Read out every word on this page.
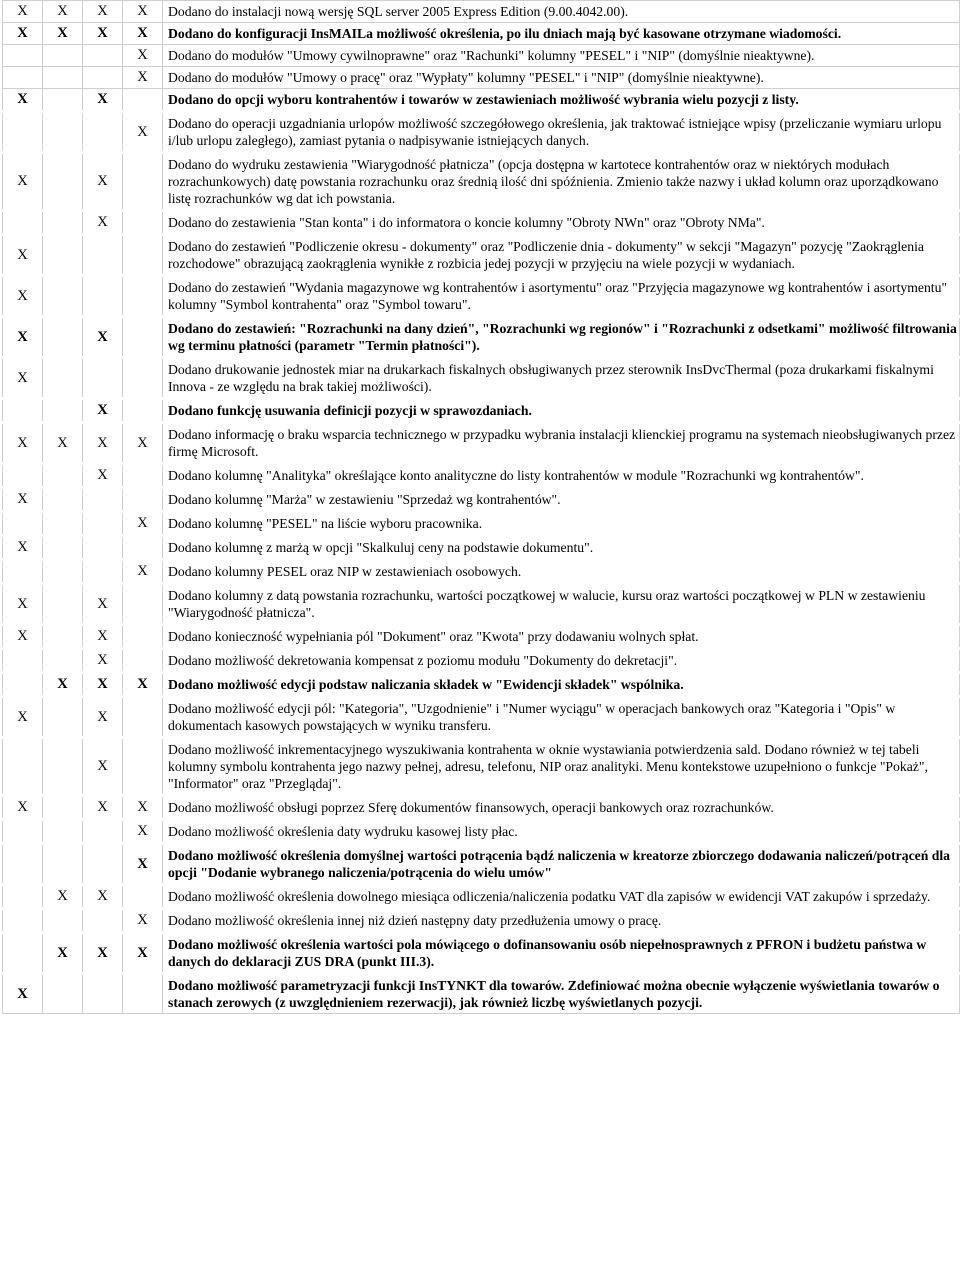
X	X	X	X	Dodano do instalacji nową wersję SQL server 2005 Express Edition (9.00.4042.00).
X	X	X	X	Dodano do konfiguracji InsMAILa możliwość określenia, po ilu dniach mają być kasowane otrzymane wiadomości.
			X	Dodano do modułów "Umowy cywilnoprawne" oraz "Rachunki" kolumny "PESEL" i "NIP" (domyślnie nieaktywne).
			X	Dodano do modułów "Umowy o pracę" oraz "Wypłaty" kolumny "PESEL" i "NIP" (domyślnie nieaktywne).
X		X		Dodano do opcji wyboru kontrahentów i towarów w zestawieniach możliwość wybrania wielu pozycji z listy.
			X	Dodano do operacji uzgadniania urlopów możliwość szczegółowego określenia, jak traktować istniejące wpisy (przeliczanie wymiaru urlopu i/lub urlopu zaległego), zamiast pytania o nadpisywanie istniejących danych.
X		X		Dodano do wydruku zestawienia "Wiarygodność płatnicza" (opcja dostępna w kartotece kontrahentów oraz w niektórych modułach rozrachunkowych) datę powstania rozrachunku oraz średnią ilość dni spóźnienia. Zmienio także nazwy i układ kolumn oraz uporządkowano listę rozrachunków wg dat ich powstania.
		X		Dodano do zestawienia "Stan konta" i do informatora o koncie kolumny "Obroty NWn" oraz "Obroty NMa".
X				Dodano do zestawień "Podliczenie okresu - dokumenty" oraz "Podliczenie dnia - dokumenty" w sekcji "Magazyn" pozycję "Zaokrąglenia rozchodowe" obrazującą zaokrąglenia wynikłe z rozbicia jedej pozycji w przyjęciu na wiele pozycji w wydaniach.
X				Dodano do zestawień "Wydania magazynowe wg kontrahentów i asortymentu" oraz "Przyjęcia magazynowe wg kontrahentów i asortymentu" kolumny "Symbol kontrahenta" oraz "Symbol towaru".
X		X		Dodano do zestawień: "Rozrachunki na dany dzień", "Rozrachunki wg regionów" i "Rozrachunki z odsetkami" możliwość filtrowania wg terminu płatności (parametr "Termin płatności").
X				Dodano drukowanie jednostek miar na drukarkach fiskalnych obsługiwanych przez sterownik InsDvcThermal (poza drukarkami fiskalnymi Innova - ze względu na brak takiej możliwości).
		X		Dodano funkcję usuwania definicji pozycji w sprawozdaniach.
X	X	X	X	Dodano informację o braku wsparcia technicznego w przypadku wybrania instalacji klienckiej programu na systemach nieobsługiwanych przez firmę Microsoft.
		X		Dodano kolumnę "Analityka" określające konto analityczne do listy kontrahentów w module "Rozrachunki wg kontrahentów".
X				Dodano kolumnę "Marża" w zestawieniu "Sprzedaż wg kontrahentów".
			X	Dodano kolumnę "PESEL" na liście wyboru pracownika.
X				Dodano kolumnę z marżą w opcji "Skalkuluj ceny na podstawie dokumentu".
			X	Dodano kolumny PESEL oraz NIP w zestawieniach osobowych.
X		X		Dodano kolumny z datą powstania rozrachunku, wartości początkowej w walucie, kursu oraz wartości początkowej w PLN w zestawieniu "Wiarygodność płatnicza".
X		X		Dodano konieczność wypełniania pól "Dokument" oraz "Kwota" przy dodawaniu wolnych spłat.
		X		Dodano możliwość dekretowania kompensat z poziomu modułu "Dokumenty do dekretacji".
	X	X	X	Dodano możliwość edycji podstaw naliczania składek w "Ewidencji składek" wspólnika.
X		X		Dodano możliwość edycji pól: "Kategoria", "Uzgodnienie" i "Numer wyciągu" w operacjach bankowych oraz "Kategoria i "Opis" w dokumentach kasowych powstających w wyniku transferu.
		X		Dodano możliwość inkrementacyjnego wyszukiwania kontrahenta w oknie wystawiania potwierdzenia sald. Dodano również w tej tabeli kolumny symbolu kontrahenta jego nazwy pełnej, adresu, telefonu, NIP oraz analityki. Menu kontekstowe uzupełniono o funkcje "Pokaż", "Informator" oraz "Przeglądaj".
X		X	X	Dodano możliwość obsługi poprzez Sferę dokumentów finansowych, operacji bankowych oraz rozrachunków.
			X	Dodano możliwość określenia daty wydruku kasowej listy płac.
			X	Dodano możliwość określenia domyślnej wartości potrącenia bądź naliczenia w kreatorze zbiorczego dodawania naliczeń/potrąceń dla opcji "Dodanie wybranego naliczenia/potrącenia do wielu umów"
	X	X		Dodano możliwość określenia dowolnego miesiąca odliczenia/naliczenia podatku VAT dla zapisów w ewidencji VAT zakupów i sprzedaży.
			X	Dodano możliwość określenia innej niż dzień następny daty przedłużenia umowy o pracę.
	X	X	X	Dodano możliwość określenia wartości pola mówiącego o dofinansowaniu osób niepełnosprawnych z PFRON i budżetu państwa w danych do deklaracji ZUS DRA (punkt III.3).
X				Dodano możliwość parametryzacji funkcji InsTYNKT dla towarów. Zdefiniować można obecnie wyłączenie wyświetlania towarów o stanach zerowych (z uwzględnieniem rezerwacji), jak również liczbę wyświetlanych pozycji.
